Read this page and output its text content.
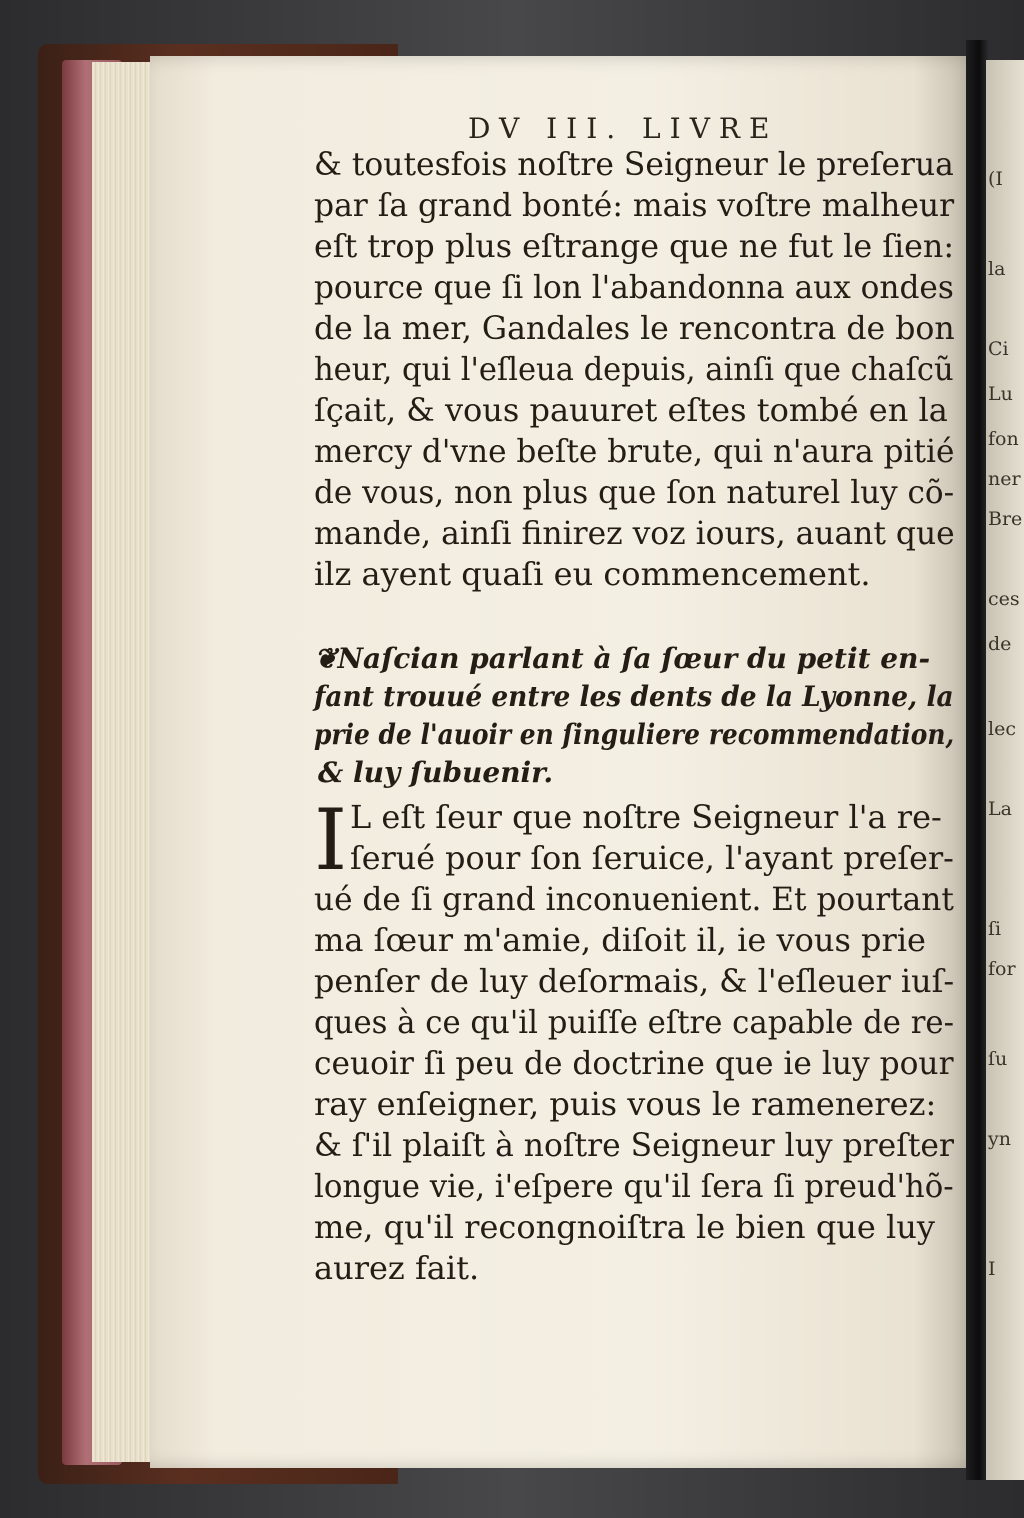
(I
la
Ci
Lu
fon
ner
Bre
ces
de
lec
La
ſi
for
ſu
yn
I
DV III. LIVRE
& toutesfois noſtre Seigneur le preſerua
par ſa grand bonté: mais voſtre malheur
eſt trop plus eſtrange que ne fut le ſien:
pource que ſi lon l'abandonna aux ondes
de la mer, Gandales le rencontra de bon
heur, qui l'eſleua depuis, ainſi que chaſcũ
ſçait, & vous pauuret eſtes tombé en la
mercy d'vne beſte brute, qui n'aura pitié
de vous, non plus que ſon naturel luy cõ-
mande, ainſi finirez voz iours, auant que
ilz ayent quaſi eu commencement.
❦Naſcian parlant à ſa ſœur du petit en-
fant trouué entre les dents de la Lyonne, la
prie de l'auoir en ſinguliere recommendation,
& luy ſubuenir.
I L eſt ſeur que noſtre Seigneur l'a re-
ſerué pour ſon ſeruice, l'ayant preſer-
ué de ſi grand inconuenient. Et pourtant
ma ſœur m'amie, diſoit il, ie vous prie
penſer de luy deſormais, & l'eſleuer iuſ-
ques à ce qu'il puiſſe eſtre capable de re-
ceuoir ſi peu de doctrine que ie luy pour
ray enſeigner, puis vous le ramenerez:
& ſ'il plaiſt à noſtre Seigneur luy preſter
longue vie, i'eſpere qu'il ſera ſi preud'hõ-
me, qu'il recongnoiſtra le bien que luy
aurez fait.
